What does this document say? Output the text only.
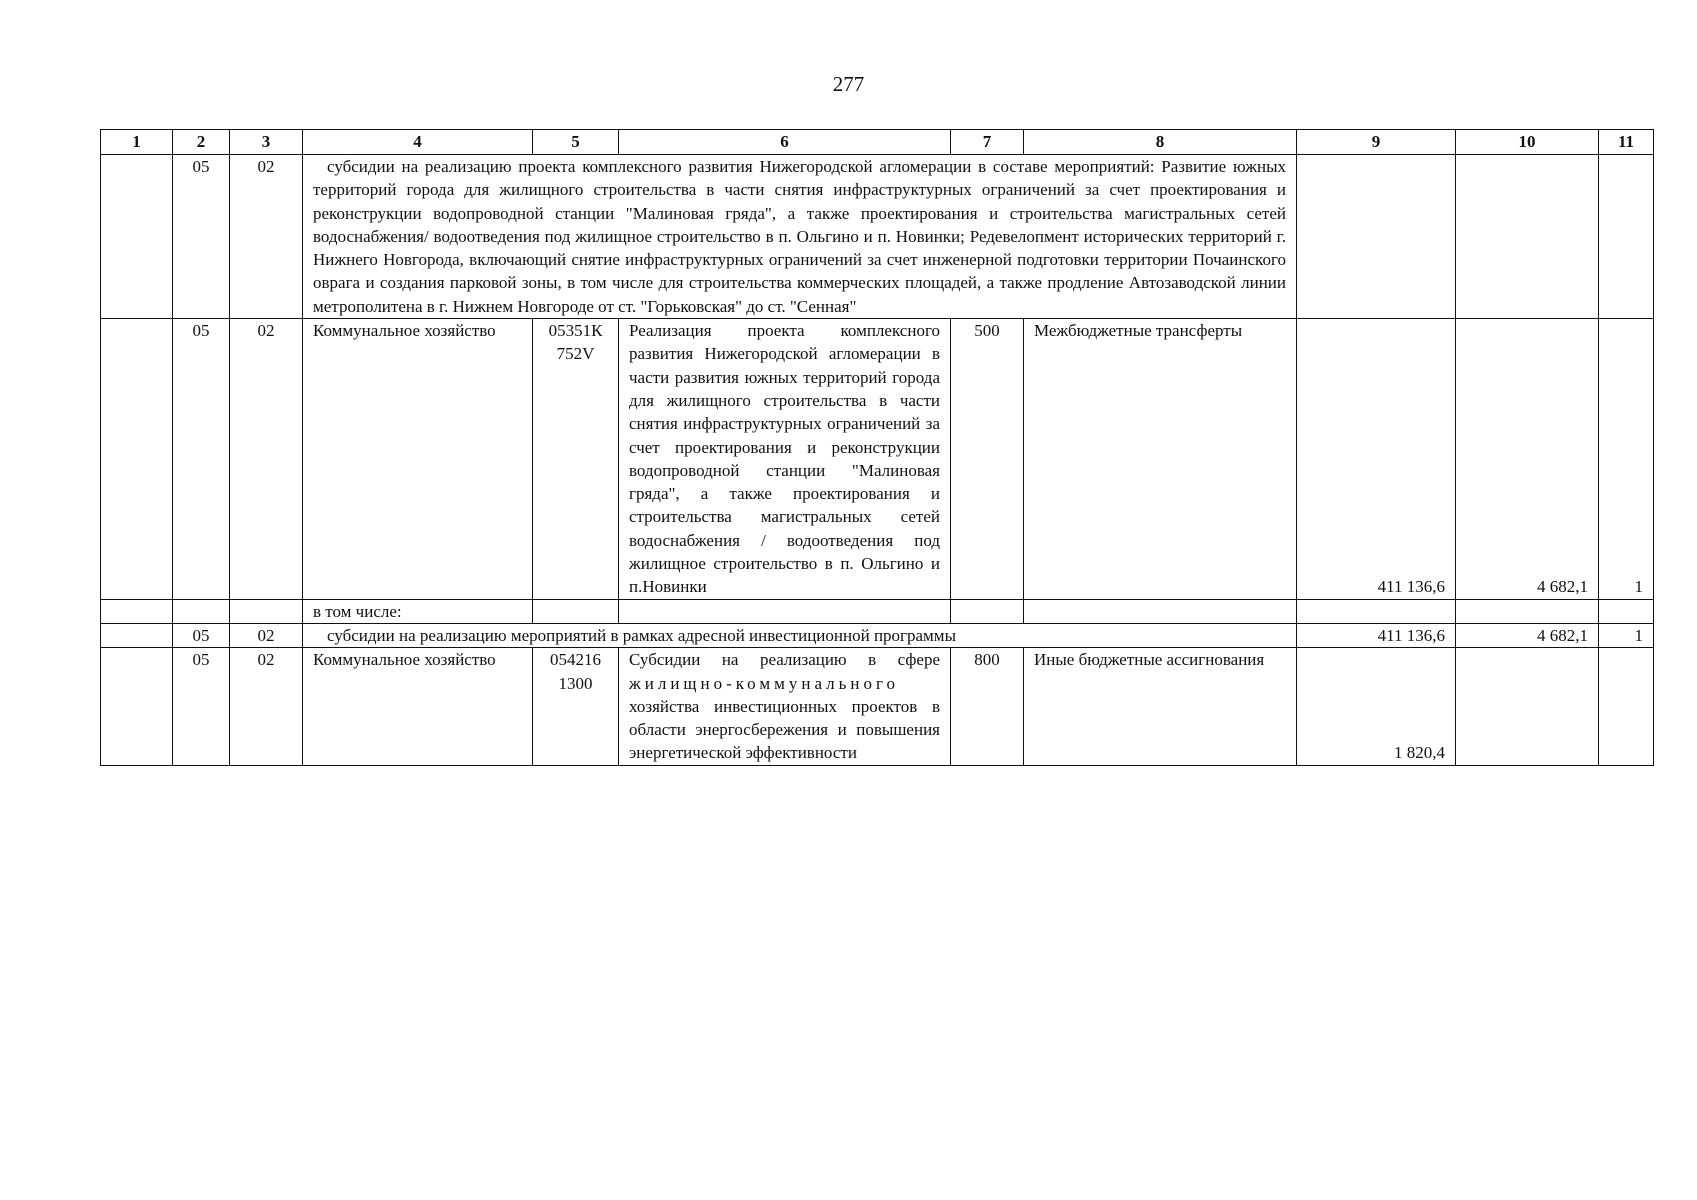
277
1	2	3	4	5	6	7	8	9	10	11
	05	02	субсидии на реализацию проекта комплексного развития Нижегородской агломерации в составе мероприятий: Развитие южных территорий города для жилищного строительства в части снятия инфраструктурных ограничений за счет проектирования и реконструкции водопроводной станции "Малиновая гряда", а также проектирования и строительства магистральных сетей водоснабжения/ водоотведения под жилищное строительство в п. Ольгино и п. Новинки; Редевелопмент исторических территорий г. Нижнего Новгорода, включающий снятие инфраструктурных ограничений за счет инженерной подготовки территории Почаинского оврага и создания парковой зоны, в том числе для строительства коммерческих площадей, а также продление Автозаводской линии метрополитена в г. Нижнем Новгороде от ст. "Горьковская" до ст. "Сенная"							
	05	02	Коммунальное хозяйство	05351К 752V	Реализация проекта комплексного развития Нижегородской агломерации в части развития южных территорий города для жилищного строительства в части снятия инфраструктурных ограничений за счет проектирования и реконструкции водопроводной станции "Малиновая гряда", а также проектирования и строительства магистральных сетей водоснабжения / водоотведения под жилищное строительство в п. Ольгино и п.Новинки	500	Межбюджетные трансферты	411 136,6	4 682,1	1
			в том числе:							
	05	02	субсидии на реализацию мероприятий в рамках адресной инвестиционной программы					411 136,6	4 682,1	1
	05	02	Коммунальное хозяйство	054216 1300	Субсидии на реализацию в сфере
жилищно-коммунального
хозяйства инвестиционных проектов в области энергосбережения и повышения энергетической эффективности	800	Иные бюджетные ассигнования	1 820,4		
